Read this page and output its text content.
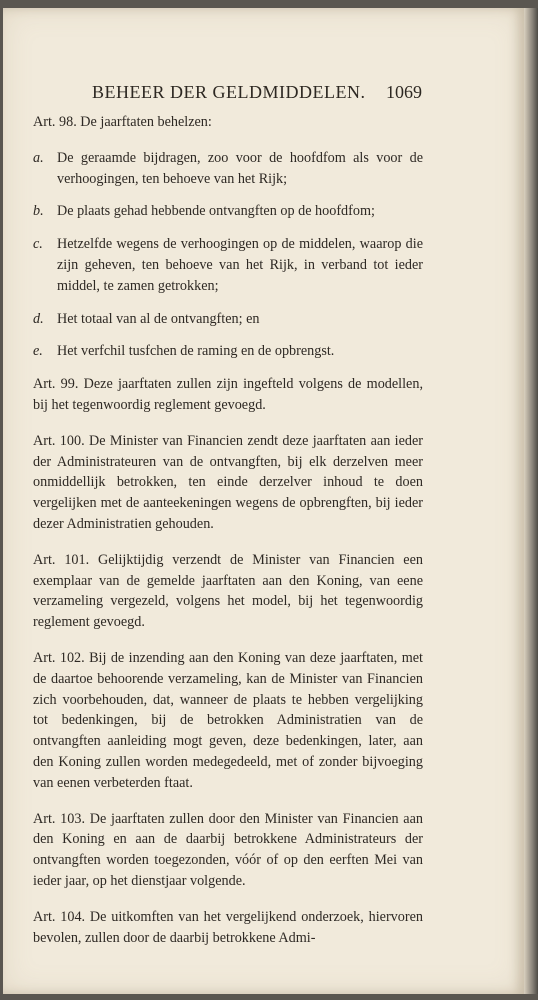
BEHEER DER GELDMIDDELEN. 1069

Art. 98. De jaarftaten behelzen:

a. De geraamde bijdragen, zoo voor de hoofdfom als voor de verhoogingen, ten behoeve van het Rijk;
b. De plaats gehad hebbende ontvangften op de hoofdfom;
c. Hetzelfde wegens de verhoogingen op de middelen, waarop die zijn geheven, ten behoeve van het Rijk, in verband tot ieder middel, te zamen getrokken;
d. Het totaal van al de ontvangften; en
e. Het verfchil tusfchen de raming en de opbrengst.

Art. 99. Deze jaarftaten zullen zijn ingefteld volgens de modellen, bij het tegenwoordig reglement gevoegd.

Art. 100. De Minister van Financien zendt deze jaarftaten aan ieder der Administrateuren van de ontvangften, bij elk derzelven meer onmiddellijk betrokken, ten einde derzelver inhoud te doen vergelijken met de aanteekeningen wegens de opbrengften, bij ieder dezer Administratien gehouden.

Art. 101. Gelijktijdig verzendt de Minister van Financien een exemplaar van de gemelde jaarftaten aan den Koning, van eene verzameling vergezeld, volgens het model, bij het tegenwoordig reglement gevoegd.

Art. 102. Bij de inzending aan den Koning van deze jaarftaten, met de daartoe behoorende verzameling, kan de Minister van Financien zich voorbehouden, dat, wanneer de plaats te hebben vergelijking tot bedenkingen, bij de betrokken Administratien van de ontvangften aanleiding mogt geven, deze bedenkingen, later, aan den Koning zullen worden medegedeeld, met of zonder bijvoeging van eenen verbeterden ftaat.

Art. 103. De jaarftaten zullen door den Minister van Financien aan den Koning en aan de daarbij betrokkene Administrateurs der ontvangften worden toegezonden, vóór of op den eerften Mei van ieder jaar, op het dienstjaar volgende.

Art. 104. De uitkomften van het vergelijkend onderzoek, hiervoren bevolen, zullen door de daarbij betrokkene Admi-
